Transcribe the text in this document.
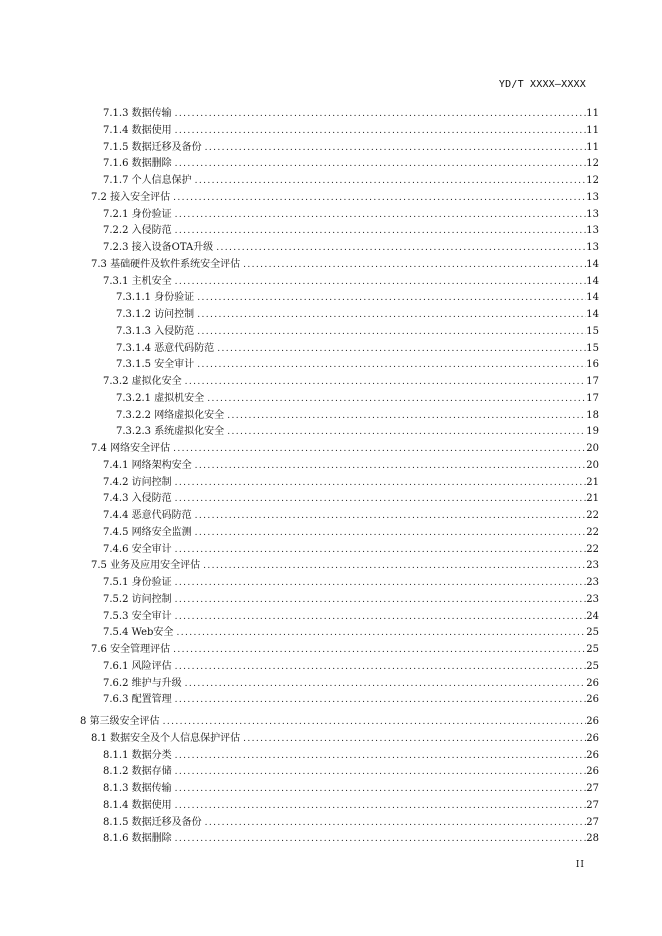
YD/T XXXX—XXXX
7.1.3 数据传输 .....	11
7.1.4 数据使用 .....	11
7.1.5 数据迁移及备份 .....	11
7.1.6 数据删除 .....	12
7.1.7 个人信息保护 .....	12
7.2 接入安全评估 .....	13
7.2.1 身份验证 .....	13
7.2.2 入侵防范 .....	13
7.2.3 接入设备OTA升级 .....	13
7.3 基础硬件及软件系统安全评估 .....	14
7.3.1 主机安全 .....	14
7.3.1.1 身份验证 .....	14
7.3.1.2 访问控制 .....	14
7.3.1.3 入侵防范 .....	15
7.3.1.4 恶意代码防范 .....	15
7.3.1.5 安全审计 .....	16
7.3.2 虚拟化安全 .....	17
7.3.2.1 虚拟机安全 .....	17
7.3.2.2 网络虚拟化安全 .....	18
7.3.2.3 系统虚拟化安全 .....	19
7.4 网络安全评估 .....	20
7.4.1 网络架构安全 .....	20
7.4.2 访问控制 .....	21
7.4.3 入侵防范 .....	21
7.4.4 恶意代码防范 .....	22
7.4.5 网络安全监测 .....	22
7.4.6 安全审计 .....	22
7.5 业务及应用安全评估 .....	23
7.5.1 身份验证 .....	23
7.5.2 访问控制 .....	23
7.5.3 安全审计 .....	24
7.5.4 Web安全 .....	25
7.6 安全管理评估 .....	25
7.6.1 风险评估 .....	25
7.6.2 维护与升级 .....	26
7.6.3 配置管理 .....	26
8 第三级安全评估 .....	26
8.1 数据安全及个人信息保护评估 .....	26
8.1.1 数据分类 .....	26
8.1.2 数据存储 .....	26
8.1.3 数据传输 .....	27
8.1.4 数据使用 .....	27
8.1.5 数据迁移及备份 .....	27
8.1.6 数据删除 .....	28
II
